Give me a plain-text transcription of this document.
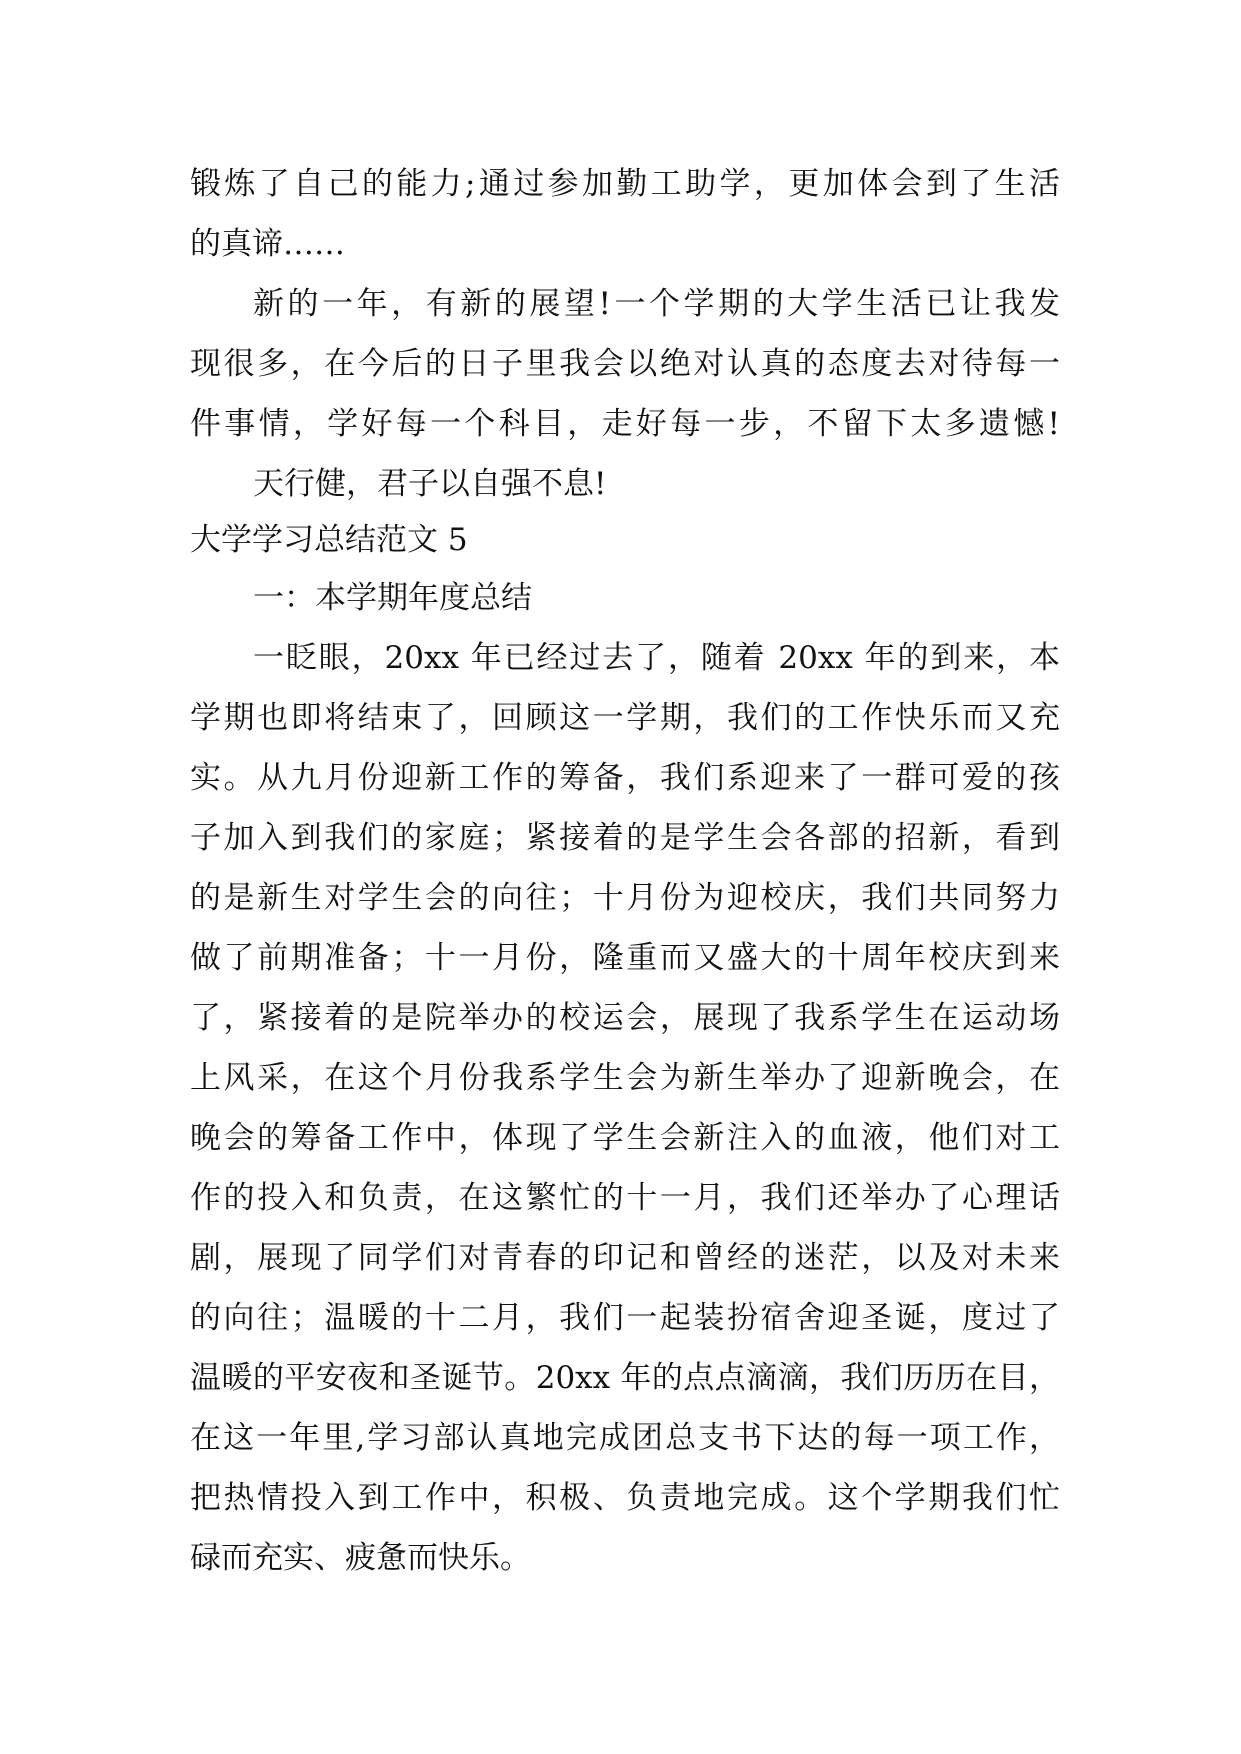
锻炼了自己的能力;通过参加勤工助学，更加体会到了生活
的真谛……
新的一年，有新的展望!一个学期的大学生活已让我发
现很多，在今后的日子里我会以绝对认真的态度去对待每一
件事情，学好每一个科目，走好每一步，不留下太多遗憾!
天行健，君子以自强不息!
大学学习总结范文 5
一：本学期年度总结
一眨眼，20xx 年已经过去了，随着 20xx 年的到来，本
学期也即将结束了，回顾这一学期，我们的工作快乐而又充
实。从九月份迎新工作的筹备，我们系迎来了一群可爱的孩
子加入到我们的家庭；紧接着的是学生会各部的招新，看到
的是新生对学生会的向往；十月份为迎校庆，我们共同努力
做了前期准备；十一月份，隆重而又盛大的十周年校庆到来
了，紧接着的是院举办的校运会，展现了我系学生在运动场
上风采，在这个月份我系学生会为新生举办了迎新晚会，在
晚会的筹备工作中，体现了学生会新注入的血液，他们对工
作的投入和负责，在这繁忙的十一月，我们还举办了心理话
剧，展现了同学们对青春的印记和曾经的迷茫，以及对未来
的向往；温暖的十二月，我们一起装扮宿舍迎圣诞，度过了
温暖的平安夜和圣诞节。20xx 年的点点滴滴，我们历历在目，
在这一年里,学习部认真地完成团总支书下达的每一项工作，
把热情投入到工作中，积极、负责地完成。这个学期我们忙
碌而充实、疲惫而快乐。
